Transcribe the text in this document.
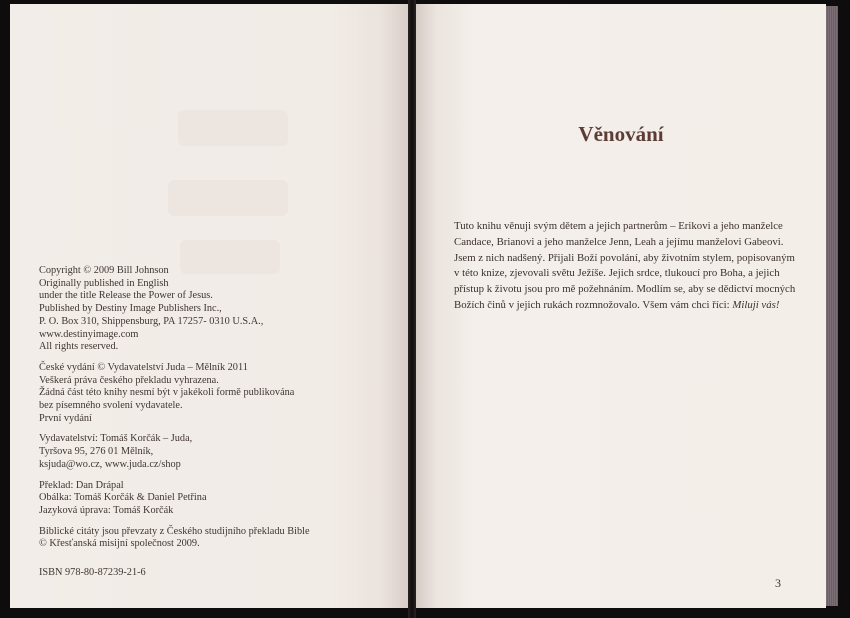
Copyright © 2009 Bill Johnson
Originally published in English
under the title Release the Power of Jesus.
Published by Destiny Image Publishers Inc.,
P. O. Box 310, Shippensburg, PA 17257- 0310 U.S.A.,
www.destinyimage.com
All rights reserved.
České vydání © Vydavatelství Juda – Mělník 2011
Veškerá práva českého překladu vyhrazena.
Žádná část této knihy nesmí být v jakékoli formě publikována
bez písemného svolení vydavatele.
První vydání
Vydavatelství: Tomáš Korčák – Juda,
Tyršova 95, 276 01 Mělník,
ksjuda@wo.cz, www.juda.cz/shop
Překlad: Dan Drápal
Obálka: Tomáš Korčák & Daniel Petřina
Jazyková úprava: Tomáš Korčák
Biblické citáty jsou převzaty z Českého studijního překladu Bible
© Křesťanská misijní společnost 2009.
ISBN 978-80-87239-21-6
Věnování
Tuto knihu věnuji svým dětem a jejich partnerům – Erikovi a jeho manželce
Candace, Brianovi a jeho manželce Jenn, Leah a jejímu manželovi Gabeovi.
Jsem z nich nadšený. Přijali Boží povolání, aby životním stylem, popisovaným
v této knize, zjevovali světu Ježíše. Jejich srdce, tlukoucí pro Boha, a jejich
přístup k životu jsou pro mě požehnáním. Modlím se, aby se dědictví mocných
Božích činů v jejich rukách rozmnožovalo. Všem vám chci říci: Miluji vás!
3
